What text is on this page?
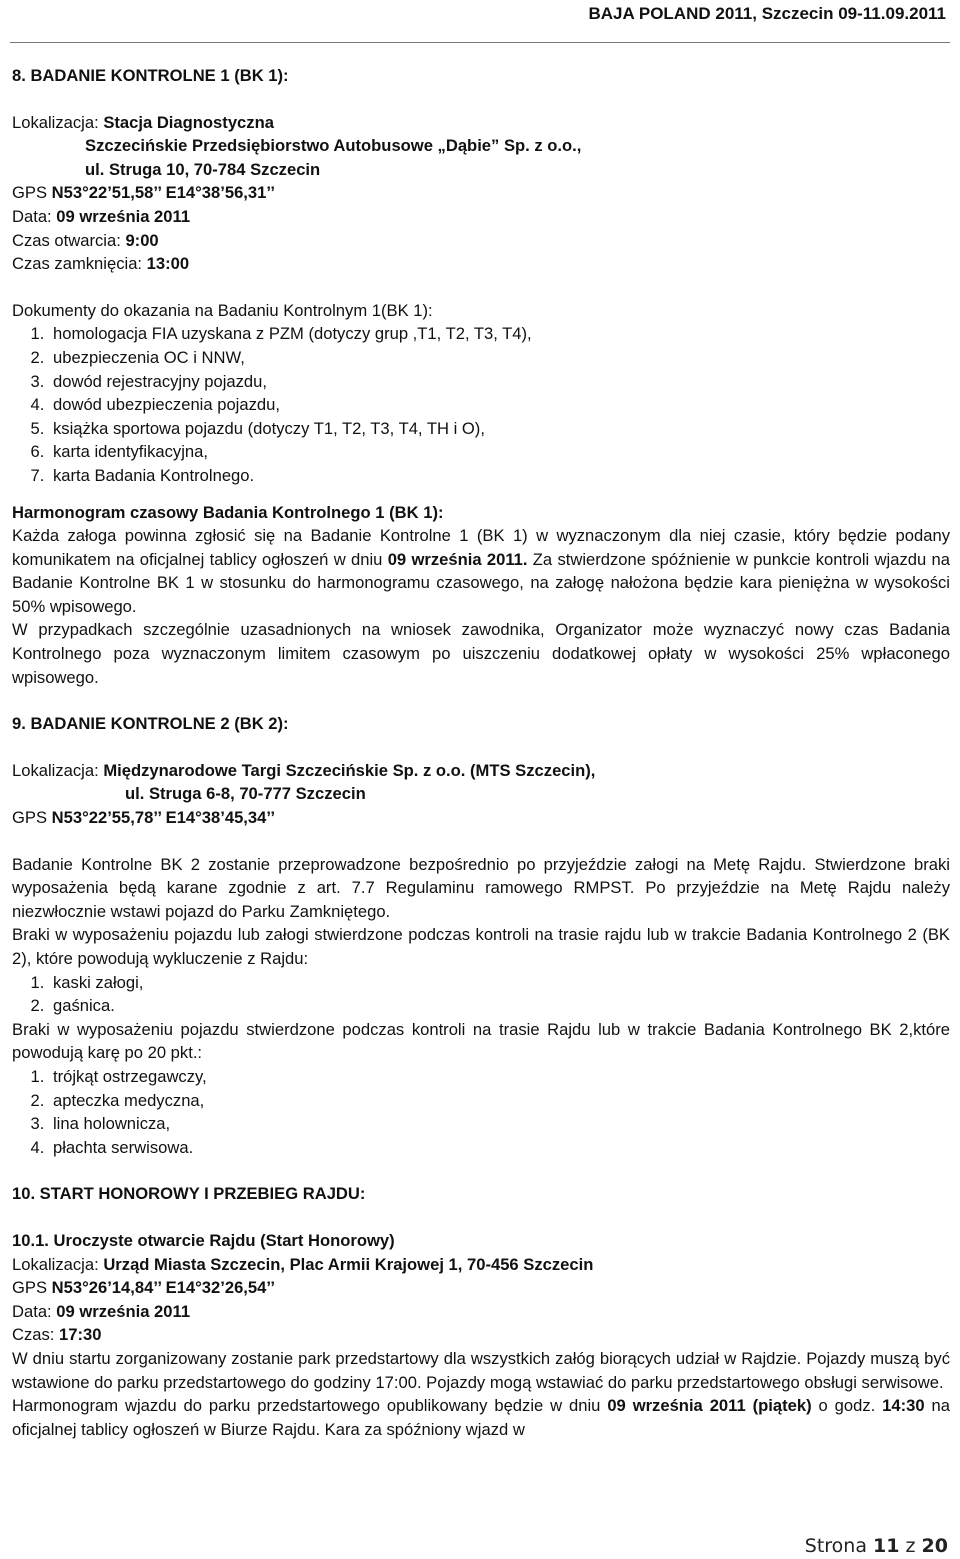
BAJA POLAND 2011, Szczecin 09-11.09.2011

8. BADANIE KONTROLNE 1 (BK 1):

Lokalizacja: Stacja Diagnostyczna

Szczecińskie Przedsiębiorstwo Autobusowe „Dąbie” Sp. z o.o.,

ul. Struga 10, 70-784 Szczecin

GPS N53°22’51,58’’ E14°38’56,31’’

Data: 09 września 2011

Czas otwarcia: 9:00

Czas zamknięcia: 13:00

Dokumenty do okazania na Badaniu Kontrolnym 1(BK 1):

1. homologacja FIA uzyskana z PZM (dotyczy grup ,T1, T2, T3, T4),
2. ubezpieczenia OC i NNW,
3. dowód rejestracyjny pojazdu,
4. dowód ubezpieczenia pojazdu,
5. książka sportowa pojazdu (dotyczy T1, T2, T3, T4, TH i O),
6. karta identyfikacyjna,
7. karta Badania Kontrolnego.

Harmonogram czasowy Badania Kontrolnego 1 (BK 1):

Każda załoga powinna zgłosić się na Badanie Kontrolne 1 (BK 1) w wyznaczonym dla niej czasie, który będzie podany komunikatem na oficjalnej tablicy ogłoszeń w dniu 09 września 2011. Za stwierdzone spóźnienie w punkcie kontroli wjazdu na Badanie Kontrolne BK 1 w stosunku do harmonogramu czasowego, na załogę nałożona będzie kara pieniężna w wysokości 50% wpisowego.

W przypadkach szczególnie uzasadnionych na wniosek zawodnika, Organizator może wyznaczyć nowy czas Badania Kontrolnego poza wyznaczonym limitem czasowym po uiszczeniu dodatkowej opłaty w wysokości 25% wpłaconego wpisowego.

9. BADANIE KONTROLNE 2 (BK 2):

Lokalizacja: Międzynarodowe Targi Szczecińskie Sp. z o.o. (MTS Szczecin),

ul. Struga 6-8, 70-777 Szczecin

GPS N53°22’55,78’’ E14°38’45,34’’

Badanie Kontrolne BK 2 zostanie przeprowadzone bezpośrednio po przyjeździe załogi na Metę Rajdu. Stwierdzone braki wyposażenia będą karane zgodnie z art. 7.7 Regulaminu ramowego RMPST. Po przyjeździe na Metę Rajdu należy niezwłocznie wstawi pojazd do Parku Zamkniętego.

Braki w wyposażeniu pojazdu lub załogi stwierdzone podczas kontroli na trasie rajdu lub w trakcie Badania Kontrolnego 2 (BK 2), które powodują wykluczenie z Rajdu:

1. kaski załogi,
2. gaśnica.

Braki w wyposażeniu pojazdu stwierdzone podczas kontroli na trasie Rajdu lub w trakcie Badania Kontrolnego BK 2,które powodują karę po 20 pkt.:

1. trójkąt ostrzegawczy,
2. apteczka medyczna,
3. lina holownicza,
4. płachta serwisowa.

10. START HONOROWY I PRZEBIEG RAJDU:

10.1. Uroczyste otwarcie Rajdu (Start Honorowy)

Lokalizacja: Urząd Miasta Szczecin, Plac Armii Krajowej 1, 70-456 Szczecin

GPS N53°26’14,84’’ E14°32’26,54’’

Data: 09 września 2011

Czas: 17:30

W dniu startu zorganizowany zostanie park przedstartowy dla wszystkich załóg biorących udział w Rajdzie. Pojazdy muszą być wstawione do parku przedstartowego do godziny 17:00. Pojazdy mogą wstawiać do parku przedstartowego obsługi serwisowe.

Harmonogram wjazdu do parku przedstartowego opublikowany będzie w dniu 09 września 2011 (piątek) o godz. 14:30 na oficjalnej tablicy ogłoszeń w Biurze Rajdu. Kara za spóźniony wjazd w

Strona 11 z 20
